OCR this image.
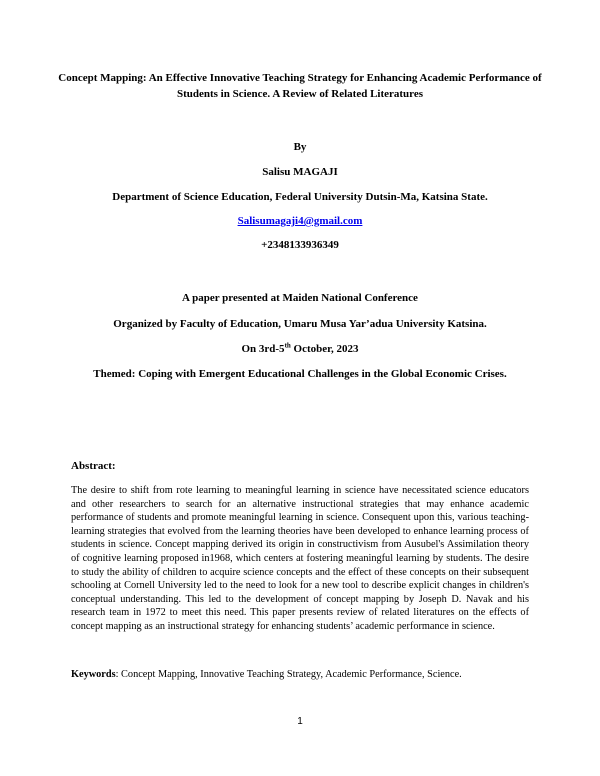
Concept Mapping: An Effective Innovative Teaching Strategy for Enhancing Academic Performance of Students in Science. A Review of Related Literatures
By
Salisu MAGAJI
Department of Science Education, Federal University Dutsin-Ma, Katsina State.
Salisumagaji4@gmail.com
+2348133936349
A paper presented at Maiden National Conference
Organized by Faculty of Education, Umaru Musa Yar’adua University Katsina.
On 3rd-5th October, 2023
Themed: Coping with Emergent Educational Challenges in the Global Economic Crises.
Abstract:
The desire to shift from rote learning to meaningful learning in science have necessitated science educators and other researchers to search for an alternative instructional strategies that may enhance academic performance of students and promote meaningful learning in science. Consequent upon this, various teaching-learning strategies that evolved from the learning theories have been developed to enhance learning process of students in science. Concept mapping derived its origin in constructivism from Ausubel's Assimilation theory of cognitive learning proposed in1968, which centers at fostering meaningful learning by students. The desire to study the ability of children to acquire science concepts and the effect of these concepts on their subsequent schooling at Cornell University led to the need to look for a new tool to describe explicit changes in children's conceptual understanding. This led to the development of concept mapping by Joseph D. Navak and his research team in 1972 to meet this need. This paper presents review of related literatures on the effects of concept mapping as an instructional strategy for enhancing students’ academic performance in science.
Keywords: Concept Mapping, Innovative Teaching Strategy, Academic Performance, Science.
1
